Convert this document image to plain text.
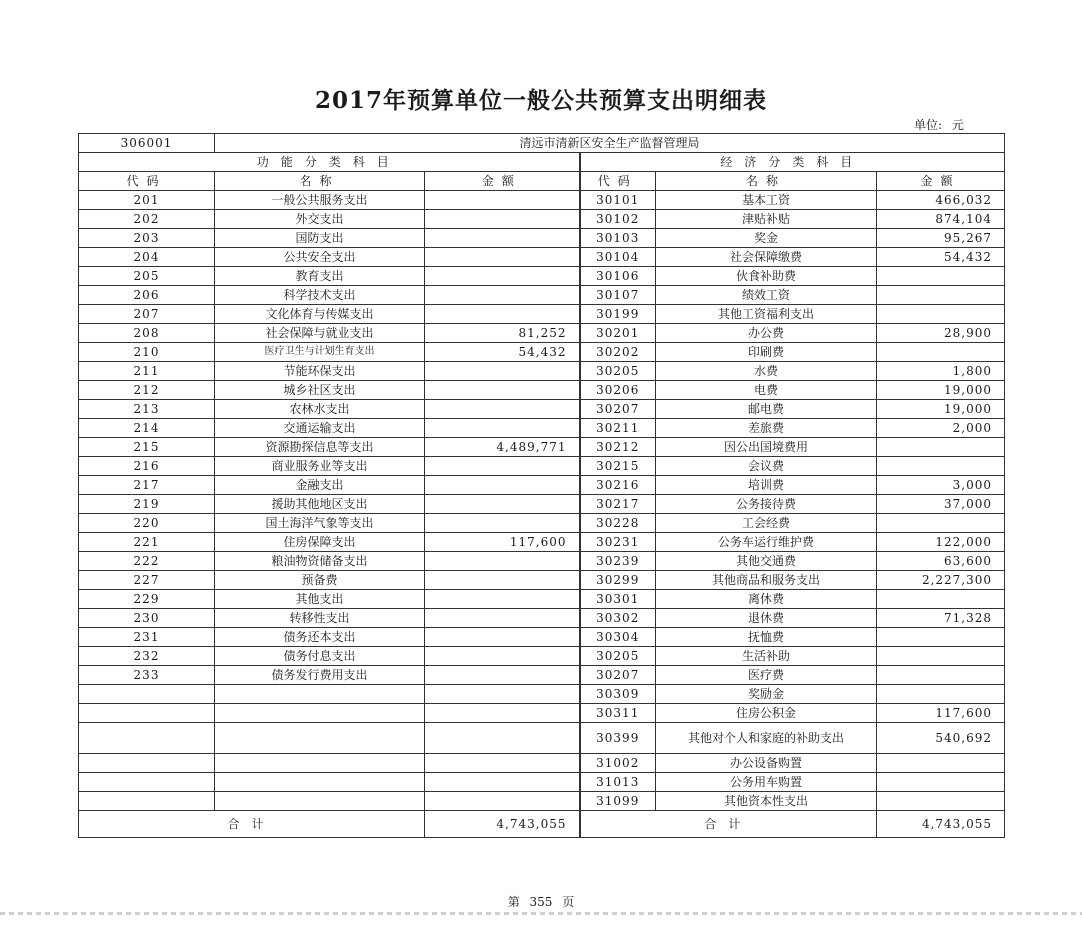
2017年预算单位一般公共预算支出明细表
单位: 元
306001	清远市清新区安全生产监督管理局				
功能分类科目			经济分类科目		
代码	名称	金额	代码	名称	金额
201	一般公共服务支出		30101	基本工资	466,032
202	外交支出		30102	津贴补贴	874,104
203	国防支出		30103	奖金	95,267
204	公共安全支出		30104	社会保障缴费	54,432
205	教育支出		30106	伙食补助费	
206	科学技术支出		30107	绩效工资	
207	文化体育与传媒支出		30199	其他工资福利支出	
208	社会保障与就业支出	81,252	30201	办公费	28,900
210	医疗卫生与计划生育支出	54,432	30202	印刷费	
211	节能环保支出		30205	水费	1,800
212	城乡社区支出		30206	电费	19,000
213	农林水支出		30207	邮电费	19,000
214	交通运输支出		30211	差旅费	2,000
215	资源勘探信息等支出	4,489,771	30212	因公出国境费用	
216	商业服务业等支出		30215	会议费	
217	金融支出		30216	培训费	3,000
219	援助其他地区支出		30217	公务接待费	37,000
220	国土海洋气象等支出		30228	工会经费	
221	住房保障支出	117,600	30231	公务车运行维护费	122,000
222	粮油物资储备支出		30239	其他交通费	63,600
227	预备费		30299	其他商品和服务支出	2,227,300
229	其他支出		30301	离休费	
230	转移性支出		30302	退休费	71,328
231	债务还本支出		30304	抚恤费	
232	债务付息支出		30205	生活补助	
233	债务发行费用支出		30207	医疗费	
			30309	奖励金	
			30311	住房公积金	117,600
			30399	其他对个人和家庭的补助支出	540,692
			31002	办公设备购置	
			31013	公务用车购置	
			31099	其他资本性支出	
合计		4,743,055	合计		4,743,055
第 355 页
